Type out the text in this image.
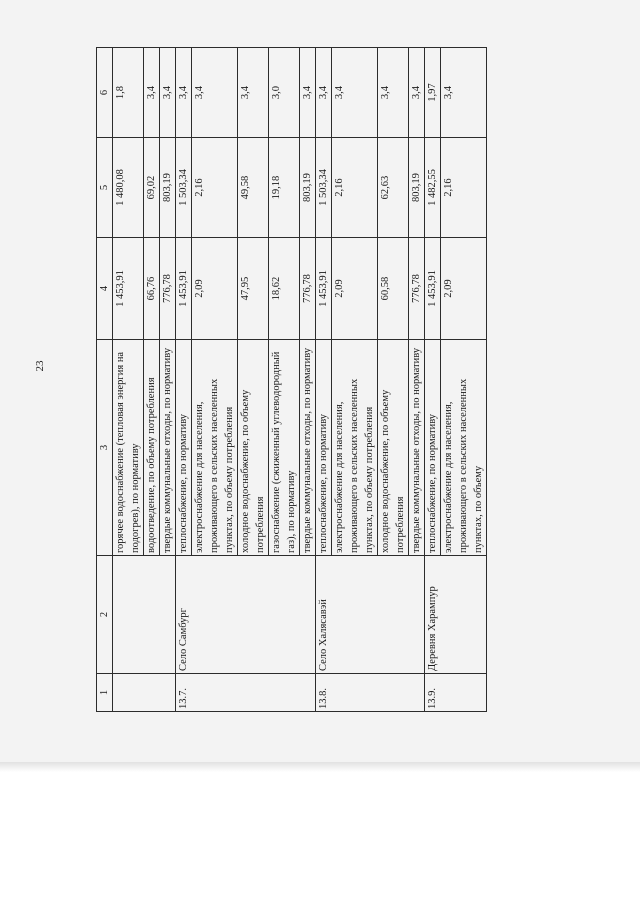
23
1	2	3	4	5	6
		горячее водоснабжение (тепловая энергия на подогрев), по нормативу	1 453,91	1 480,08	1,8
		водоотведение, по объему потребления	66,76	69,02	3,4
		твердые коммунальные отходы, по нормативу	776,78	803,19	3,4
13.7.	Село Самбург	теплоснабжение, по нормативу	1 453,91	1 503,34	3,4
		электроснабжение для населения, проживающего в сельских населенных пунктах, по объему потребления	2,09	2,16	3,4
		холодное водоснабжение, по объему потребления	47,95	49,58	3,4
		газоснабжение (сжиженный углеводородный газ), по нормативу	18,62	19,18	3,0
		твердые коммунальные отходы, по нормативу	776,78	803,19	3,4
13.8.	Село Халясавэй	теплоснабжение, по нормативу	1 453,91	1 503,34	3,4
		электроснабжение для населения, проживающего в сельских населенных пунктах, по объему потребления	2,09	2,16	3,4
		холодное водоснабжение, по объему потребления	60,58	62,63	3,4
		твердые коммунальные отходы, по нормативу	776,78	803,19	3,4
13.9.	Деревня Харампур	теплоснабжение, по нормативу	1 453,91	1 482,55	1,97
		электроснабжение для населения, проживающего в сельских населенных пунктах, по объему	2,09	2,16	3,4
